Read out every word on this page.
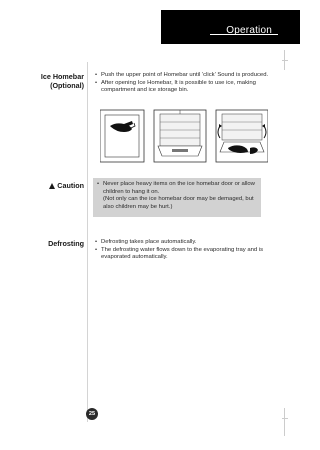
Operation
Ice Homebar
(Optional)
• Push the upper point of Homebar until ‘click’ Sound is produced.
• After opening Ice Homebar, It is possible to use ice, making compartment and ice storage bin.
Caution	• Never place heavy items on the ice homebar door or allow children to hang it on.
(Not only can the ice homebar door may be demaged, but also children may be hurt.)
Defrosting	• Defrosting takes place automatically.
• The defrosting water flows down to the evaporating tray and is evaporated automatically.
25
